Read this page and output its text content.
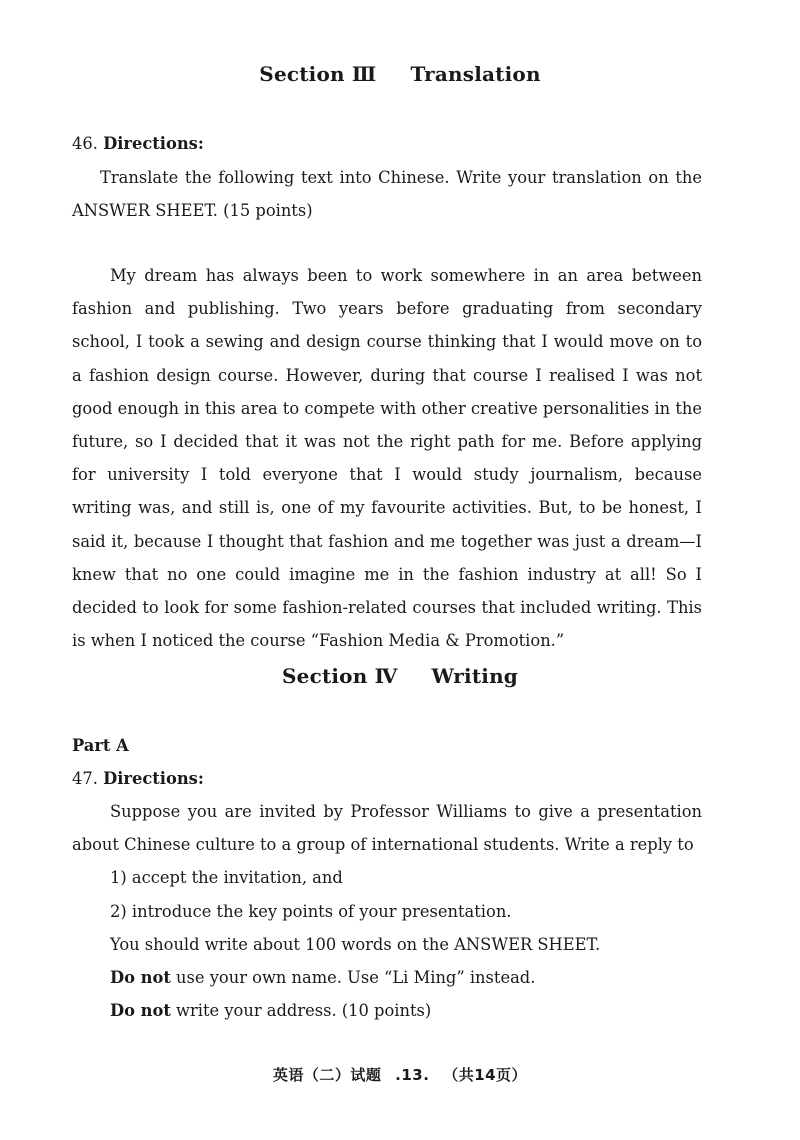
Section Ⅲ Translation
46. Directions:
Translate the following text into Chinese. Write your translation on the ANSWER SHEET. (15 points)
My dream has always been to work somewhere in an area between fashion and publishing. Two years before graduating from secondary school, I took a sewing and design course thinking that I would move on to a fashion design course. However, during that course I realised I was not good enough in this area to compete with other creative personalities in the future, so I decided that it was not the right path for me. Before applying for university I told everyone that I would study journalism, because writing was, and still is, one of my favourite activities. But, to be honest, I said it, because I thought that fashion and me together was just a dream—I knew that no one could imagine me in the fashion industry at all! So I decided to look for some fashion-related courses that included writing. This is when I noticed the course “Fashion Media & Promotion.”
Section Ⅳ Writing
Part A
47. Directions:
Suppose you are invited by Professor Williams to give a presentation about Chinese culture to a group of international students. Write a reply to
1) accept the invitation, and
2) introduce the key points of your presentation.
You should write about 100 words on the ANSWER SHEET.
Do not use your own name. Use “Li Ming” instead.
Do not write your address. (10 points)
英语（二）试题 .13. （共14页）
